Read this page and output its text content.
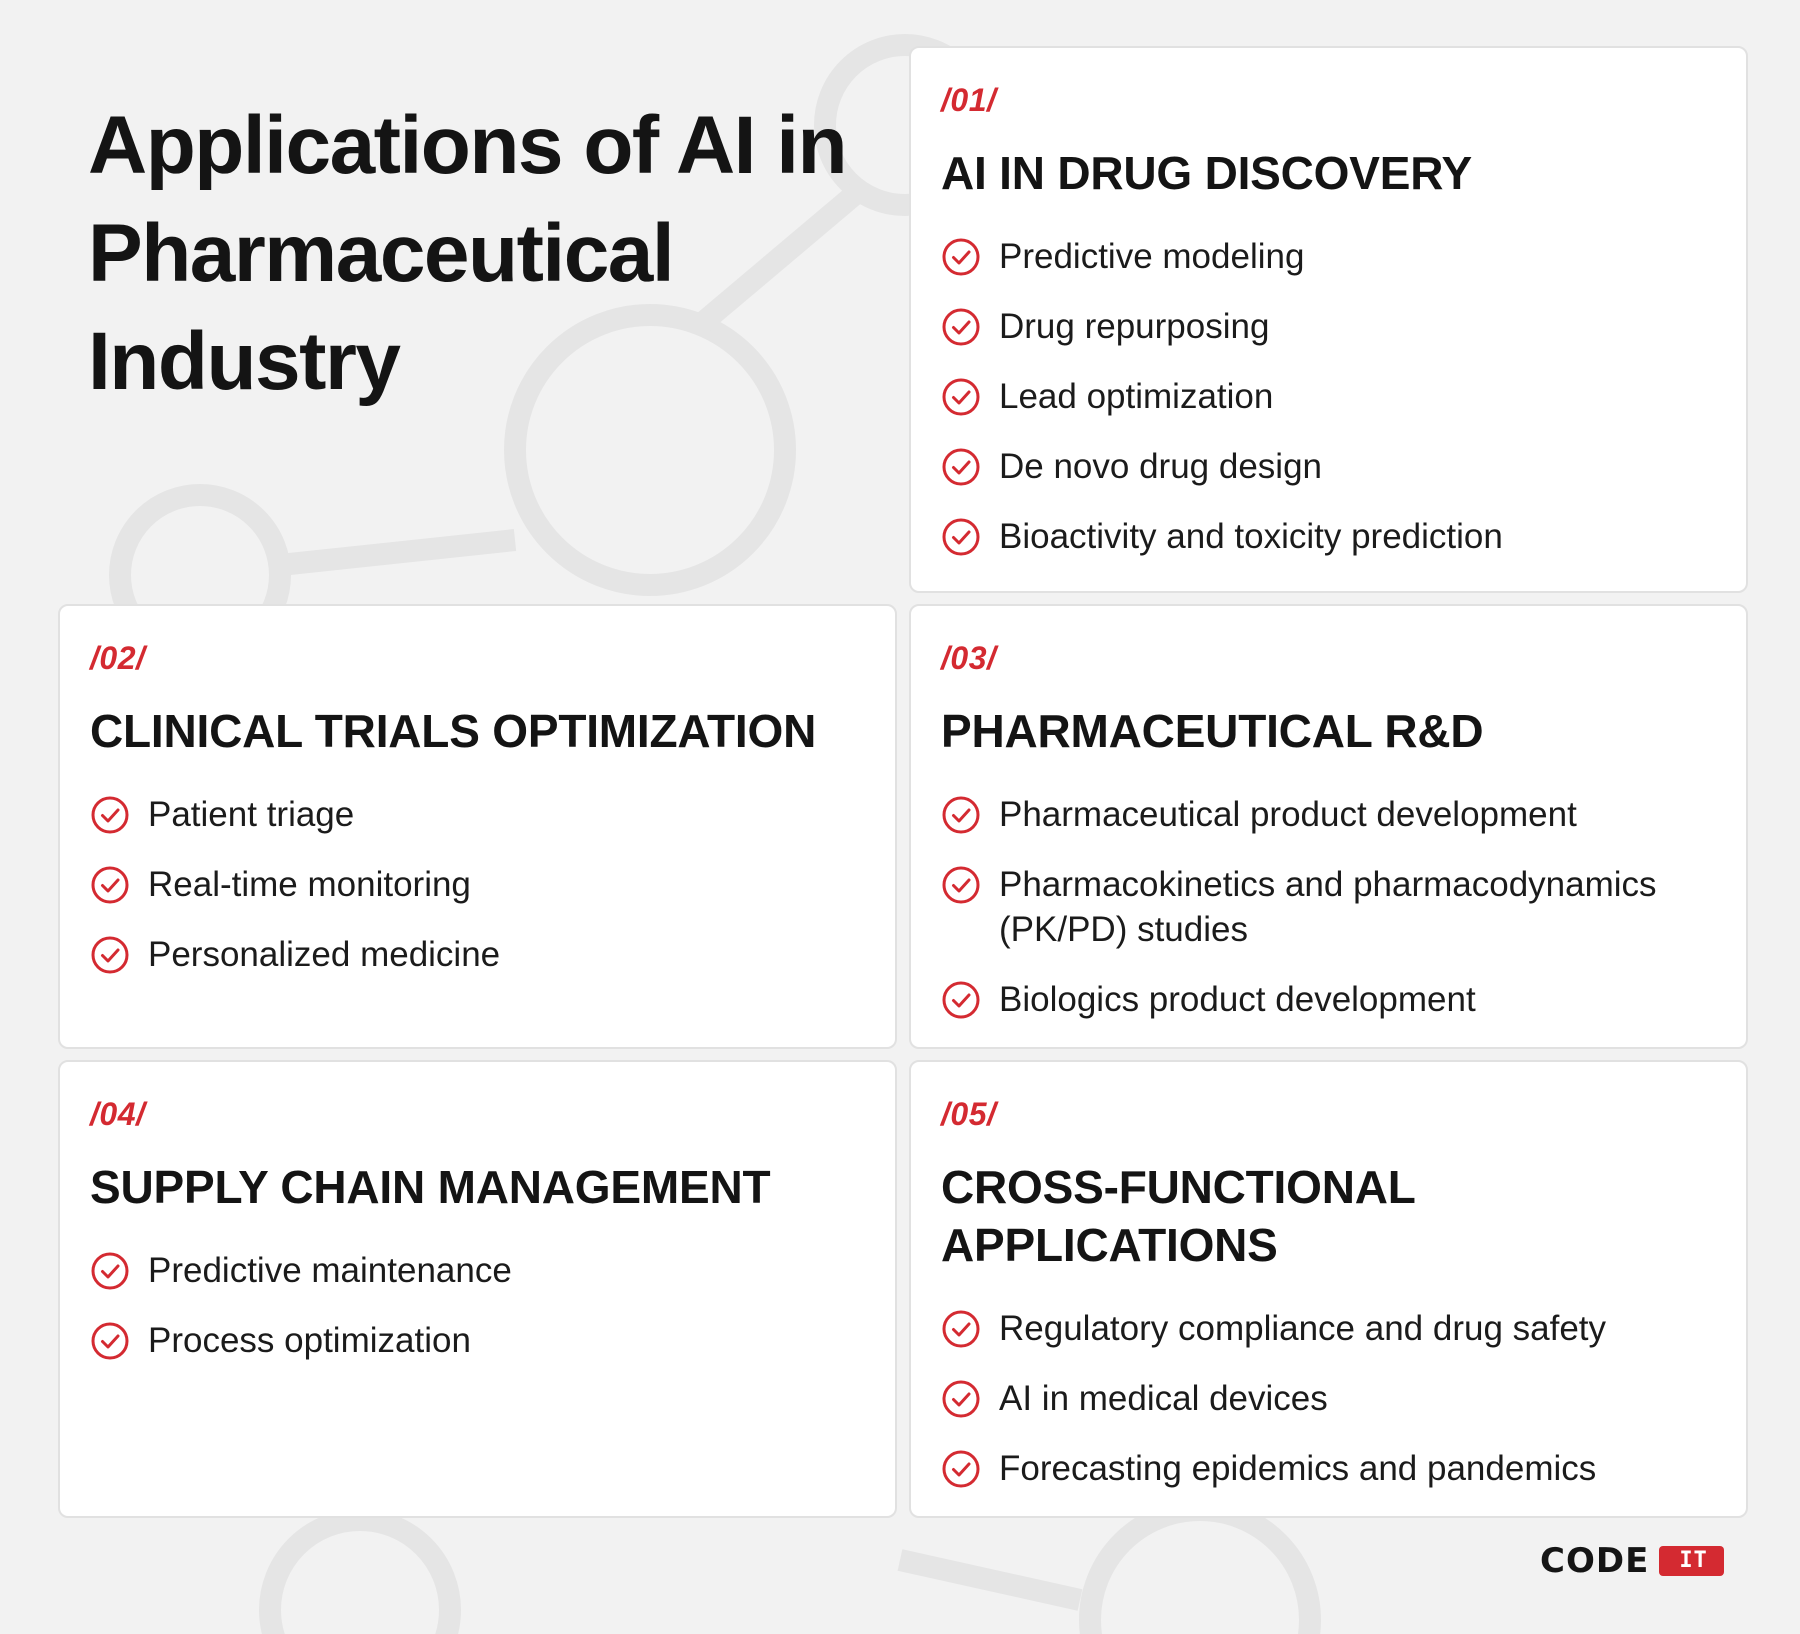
Applications of AI in Pharmaceutical Industry
/01/
AI IN DRUG DISCOVERY
Predictive modeling
Drug repurposing
Lead optimization
De novo drug design
Bioactivity and toxicity prediction
/02/
CLINICAL TRIALS OPTIMIZATION
Patient triage
Real-time monitoring
Personalized medicine
/03/
PHARMACEUTICAL R&D
Pharmaceutical product development
Pharmacokinetics and pharmacodynamics (PK/PD) studies
Biologics product development
/04/
SUPPLY CHAIN MANAGEMENT
Predictive maintenance
Process optimization
/05/
CROSS-FUNCTIONAL APPLICATIONS
Regulatory compliance and drug safety
AI in medical devices
Forecasting epidemics and pandemics
CODE	IT
